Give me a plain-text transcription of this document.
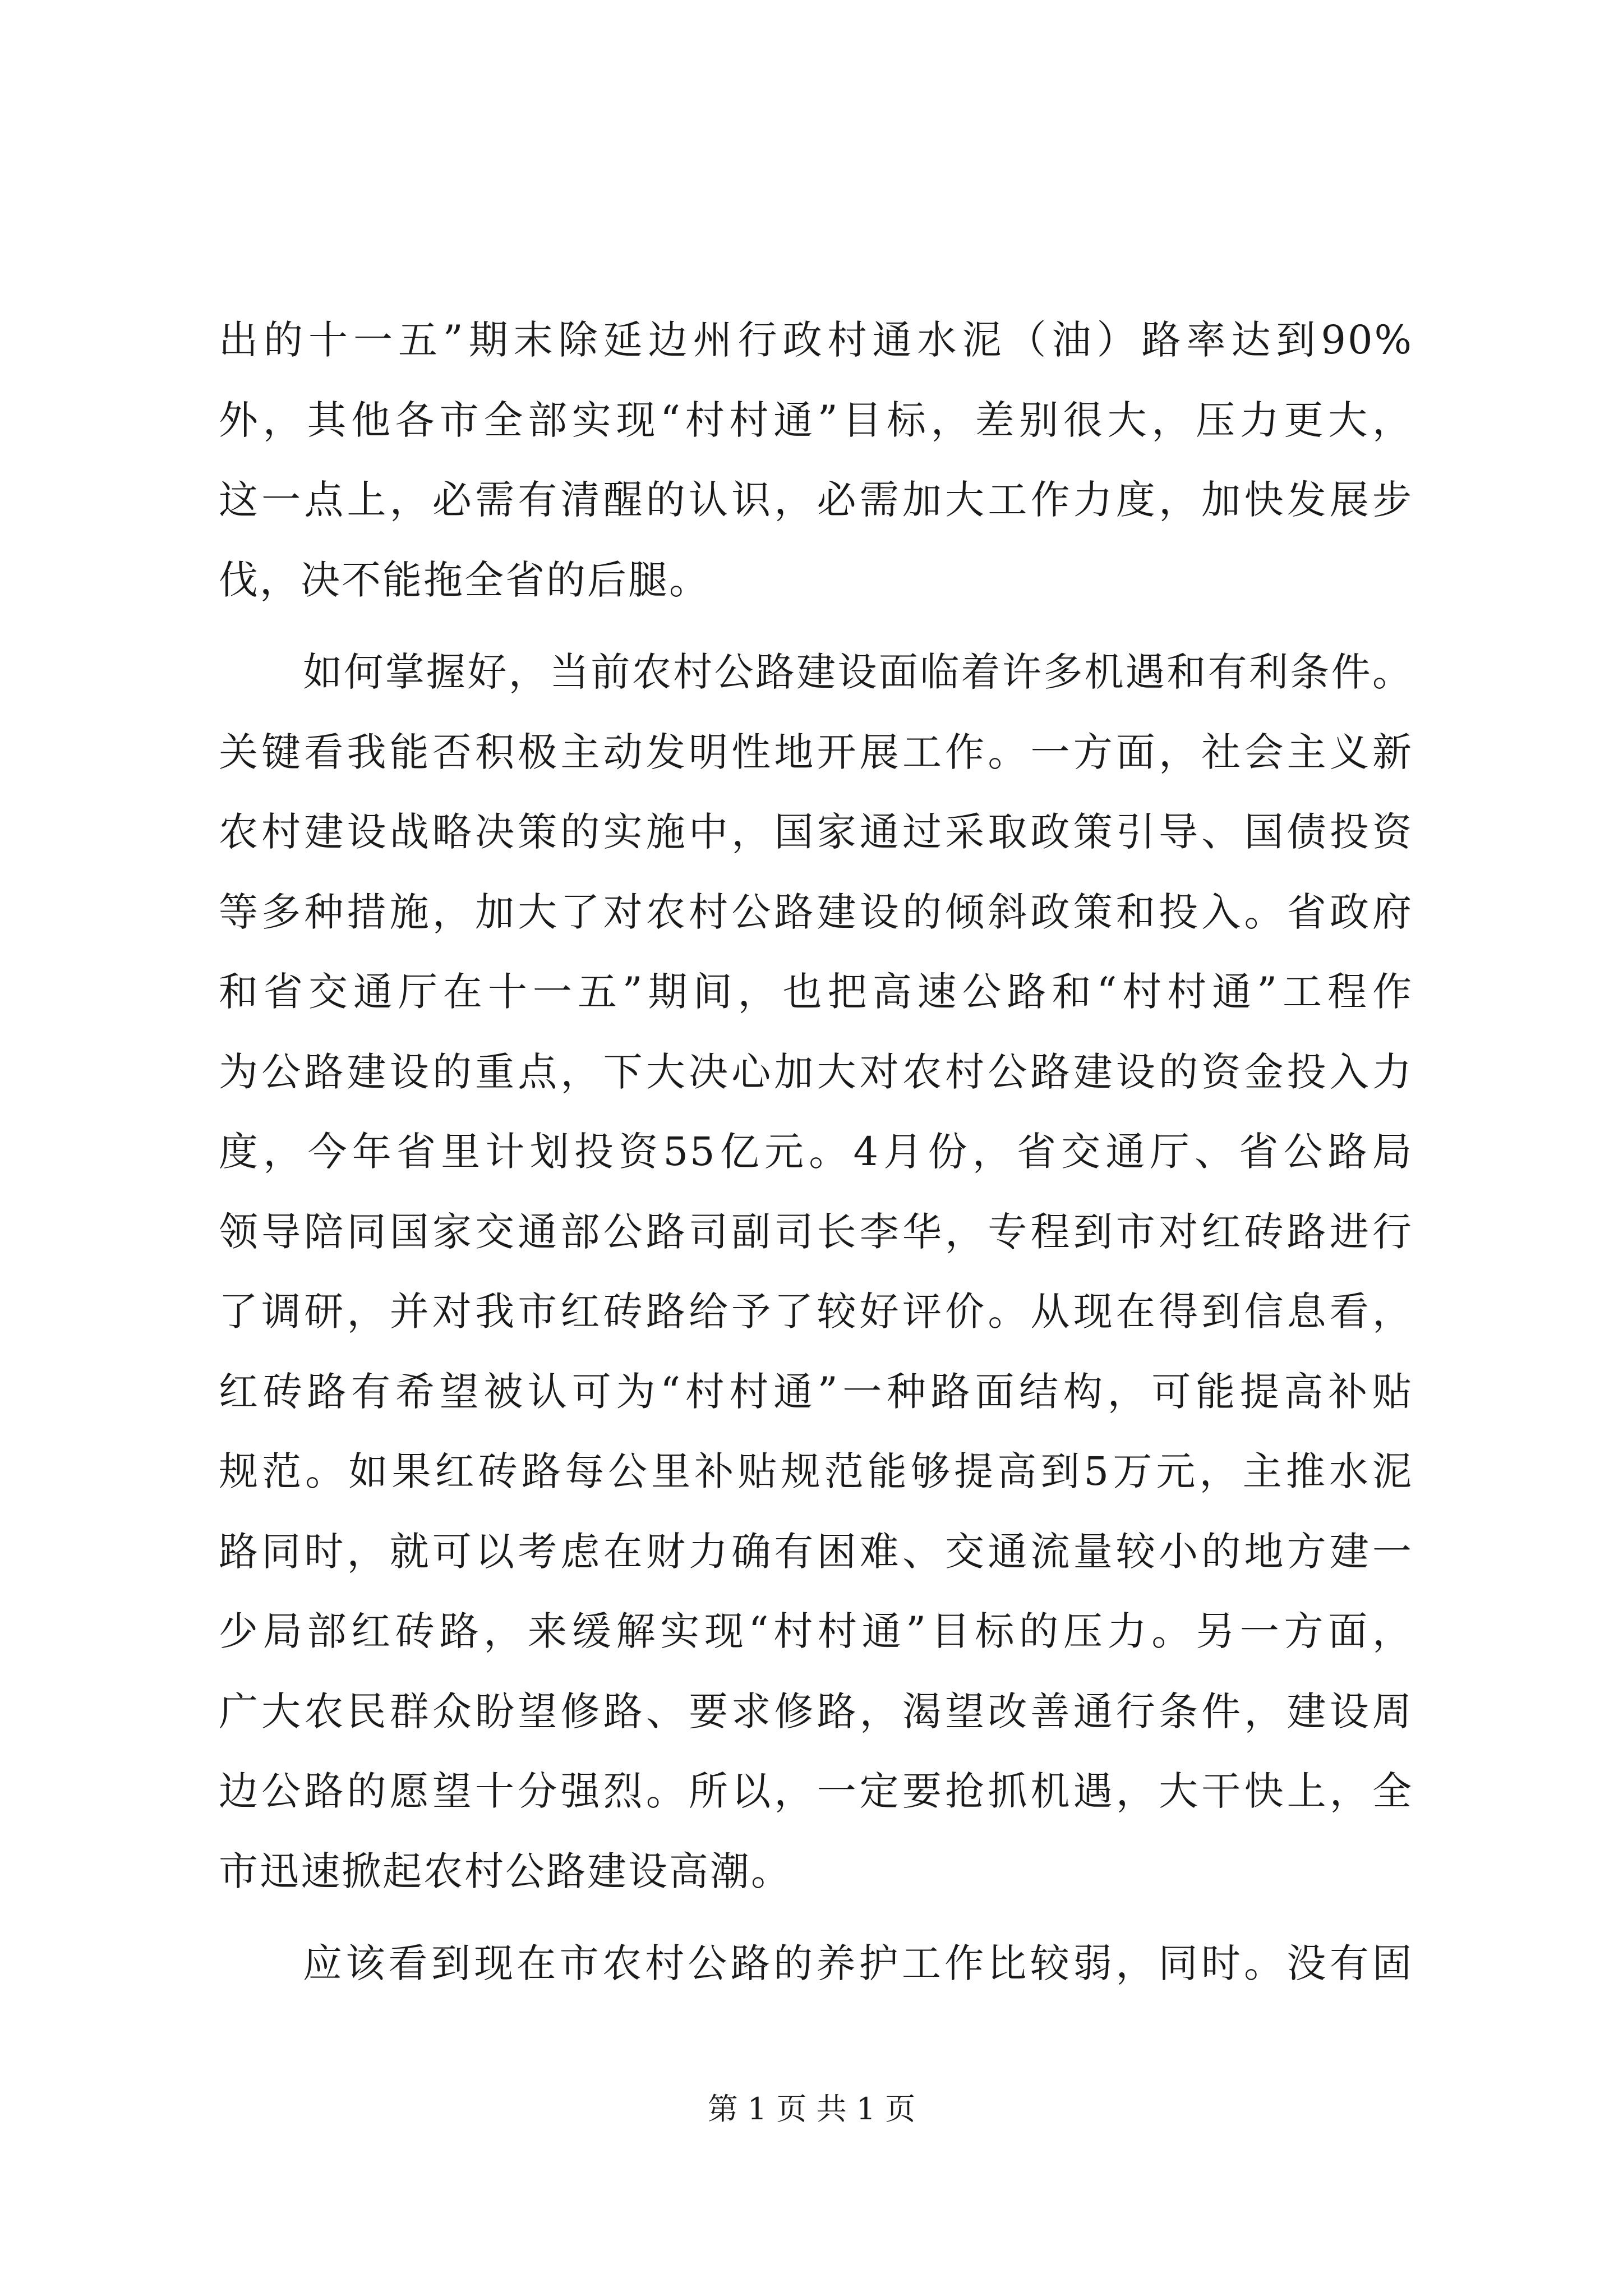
出的十一五”期末除延边州行政村通水泥（油）路率达到90%
外，其他各市全部实现“村村通”目标，差别很大，压力更大，
这一点上，必需有清醒的认识，必需加大工作力度，加快发展步
伐，决不能拖全省的后腿。
如何掌握好，当前农村公路建设面临着许多机遇和有利条件。
关键看我能否积极主动发明性地开展工作。一方面，社会主义新
农村建设战略决策的实施中，国家通过采取政策引导、国债投资
等多种措施，加大了对农村公路建设的倾斜政策和投入。省政府
和省交通厅在十一五”期间，也把高速公路和“村村通”工程作
为公路建设的重点，下大决心加大对农村公路建设的资金投入力
度，今年省里计划投资55亿元。4月份，省交通厅、省公路局
领导陪同国家交通部公路司副司长李华，专程到市对红砖路进行
了调研，并对我市红砖路给予了较好评价。从现在得到信息看，
红砖路有希望被认可为“村村通”一种路面结构，可能提高补贴
规范。如果红砖路每公里补贴规范能够提高到5万元，主推水泥
路同时，就可以考虑在财力确有困难、交通流量较小的地方建一
少局部红砖路，来缓解实现“村村通”目标的压力。另一方面，
广大农民群众盼望修路、要求修路，渴望改善通行条件，建设周
边公路的愿望十分强烈。所以，一定要抢抓机遇，大干快上，全
市迅速掀起农村公路建设高潮。
应该看到现在市农村公路的养护工作比较弱，同时。没有固
第 1 页 共 1 页
